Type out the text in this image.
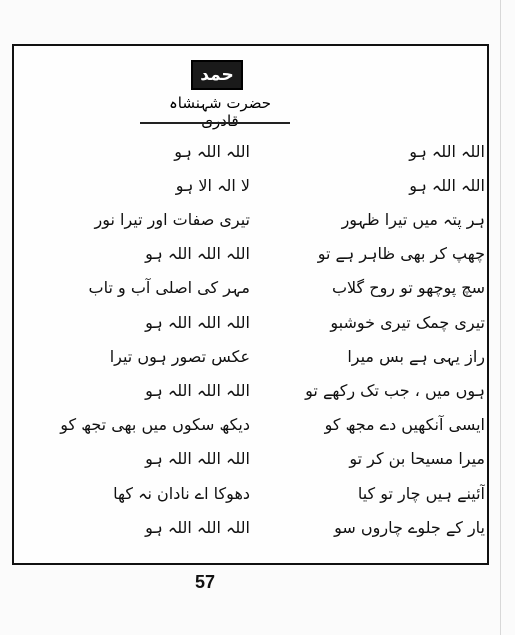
حمد
حضرت شہنشاہ قادری
اللہ اللہ ہو
اللہ اللہ ہو
اللہ اللہ ہو
لا الہ الا ہو
ہر پتہ میں تیرا ظہور
تیری صفات اور تیرا نور
چھپ کر بھی ظاہر ہے تو
اللہ اللہ اللہ ہو
سچ پوچھو تو روح گلاب
مہر کی اصلی آب و تاب
تیری چمک تیری خوشبو
اللہ اللہ اللہ ہو
راز یہی ہے بس میرا
عکس تصور ہوں تیرا
ہوں میں ، جب تک رکھے تو
اللہ اللہ اللہ ہو
ایسی آنکھیں دے مجھ کو
دیکھ سکوں میں بھی تجھ کو
میرا مسیحا بن کر تو
اللہ اللہ اللہ ہو
آئینے ہیں چار تو کیا
دھوکا اے نادان نہ کھا
یار کے جلوے چاروں سو
اللہ اللہ اللہ ہو
57
